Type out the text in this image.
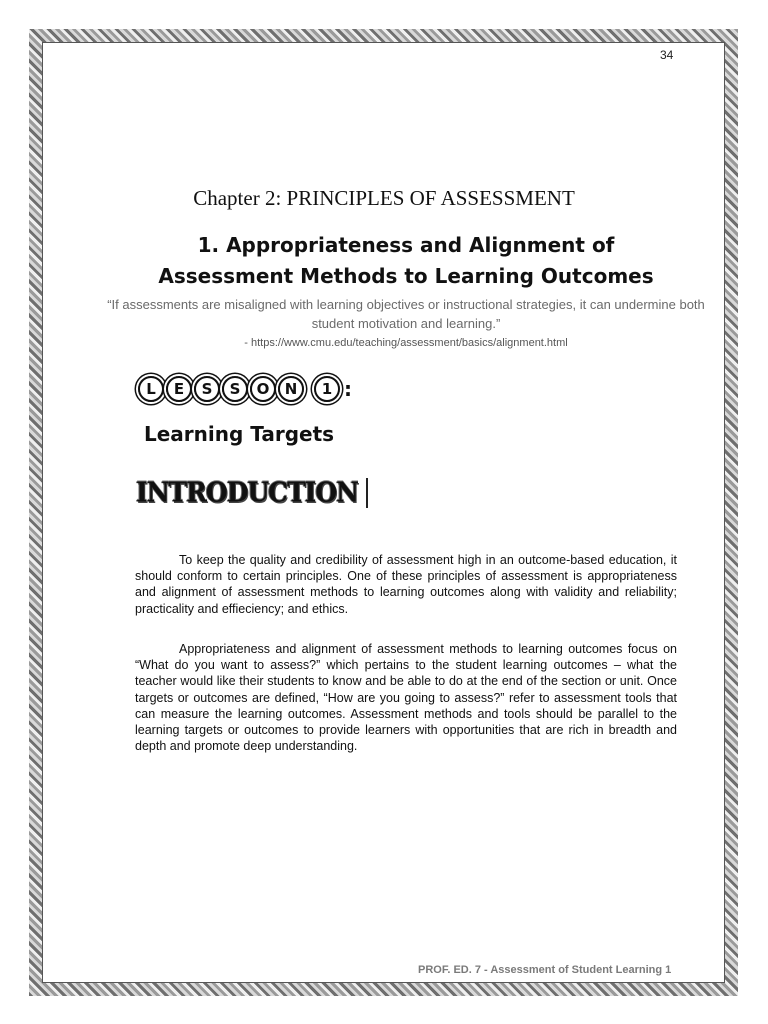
34
Chapter 2: PRINCIPLES OF ASSESSMENT
1. Appropriateness and Alignment of
Assessment Methods to Learning Outcomes
“If assessments are misaligned with learning objectives or instructional strategies, it can undermine both student motivation and learning.”
- https://www.cmu.edu/teaching/assessment/basics/alignment.html
L	E	S	S	O	N	1 :
Learning Targets
INTRODUCTION

To keep the quality and credibility of assessment high in an outcome-based education, it should conform to certain principles. One of these principles of assessment is appropriateness and alignment of assessment methods to learning outcomes along with validity and reliability; practicality and effieciency; and ethics.

Appropriateness and alignment of assessment methods to learning outcomes focus on “What do you want to assess?” which pertains to the student learning outcomes – what the teacher would like their students to know and be able to do at the end of the section or unit. Once targets or outcomes are defined, “How are you going to assess?” refer to assessment tools that can measure the learning outcomes. Assessment methods and tools should be parallel to the learning targets or outcomes to provide learners with opportunities that are rich in breadth and depth and promote deep understanding.

PROF. ED. 7 - Assessment of Student Learning 1
